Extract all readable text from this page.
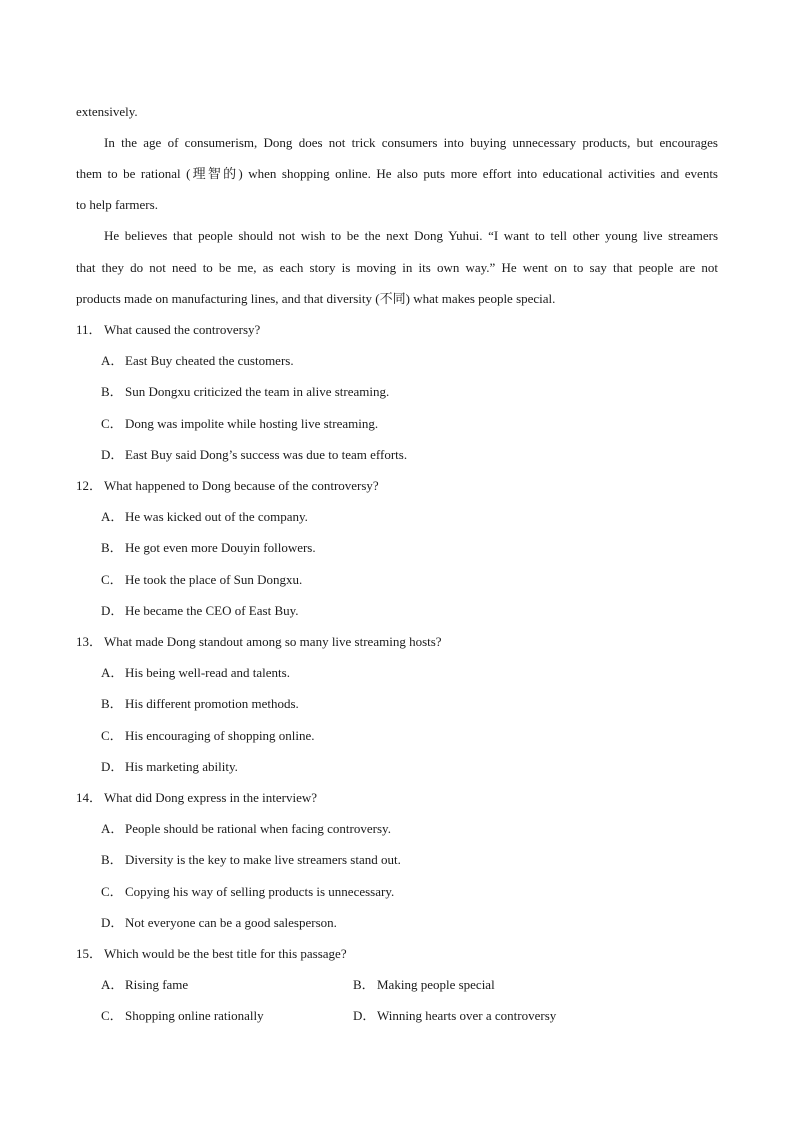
extensively.
In the age of consumerism, Dong does not trick consumers into buying unnecessary products, but encourages
them to be rational (理智的) when shopping online. He also puts more effort into educational activities and events
to help farmers.
He believes that people should not wish to be the next Dong Yuhui. “I want to tell other young live streamers
that they do not need to be me, as each story is moving in its own way.” He went on to say that people are not
products made on manufacturing lines, and that diversity (不同) what makes people special.
11． What caused the controversy?
A． East Buy cheated the customers.
B． Sun Dongxu criticized the team in alive streaming.
C． Dong was impolite while hosting live streaming.
D． East Buy said Dong’s success was due to team efforts.
12． What happened to Dong because of the controversy?
A． He was kicked out of the company.
B． He got even more Douyin followers.
C． He took the place of Sun Dongxu.
D． He became the CEO of East Buy.
13． What made Dong standout among so many live streaming hosts?
A． His being well-read and talents.
B． His different promotion methods.
C． His encouraging of shopping online.
D． His marketing ability.
14． What did Dong express in the interview?
A． People should be rational when facing controversy.
B． Diversity is the key to make live streamers stand out.
C． Copying his way of selling products is unnecessary.
D． Not everyone can be a good salesperson.
15． Which would be the best title for this passage?
A． Rising fame	B． Making people special
C． Shopping online rationally	D． Winning hearts over a controversy
